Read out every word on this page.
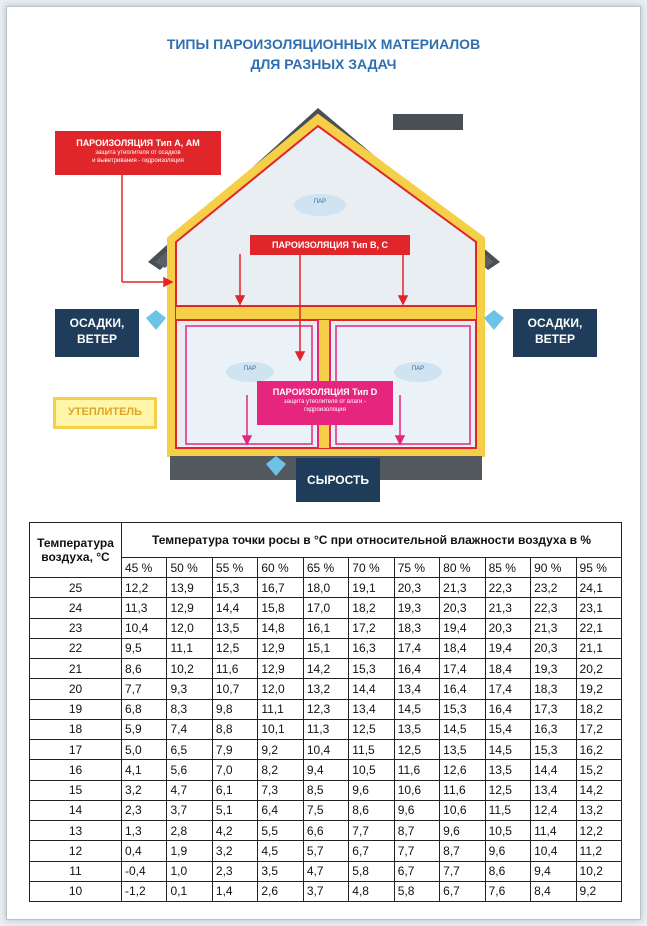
ТИПЫ ПАРОИЗОЛЯЦИОННЫХ МАТЕРИАЛОВ
ДЛЯ РАЗНЫХ ЗАДАЧ
ПАР
ПАР	ПАР
ПАРОИЗОЛЯЦИЯ Тип А, АМ
защита утеплителя от осадков
и выветривания - гидроизоляция
ПАРОИЗОЛЯЦИЯ Тип В, С
ПАРОИЗОЛЯЦИЯ Тип D
защита утеплителя от влаги -
гидроизоляция
ОСАДКИ,
ВЕТЕР
ОСАДКИ,
ВЕТЕР
УТЕПЛИТЕЛЬ
СЫРОСТЬ
Температура воздуха, °С	Температура точки росы в °С при относительной влажности воздуха в %										
	45 %	50 %	55 %	60 %	65 %	70 %	75 %	80 %	85 %	90 %	95 %
25	12,2	13,9	15,3	16,7	18,0	19,1	20,3	21,3	22,3	23,2	24,1
24	11,3	12,9	14,4	15,8	17,0	18,2	19,3	20,3	21,3	22,3	23,1
23	10,4	12,0	13,5	14,8	16,1	17,2	18,3	19,4	20,3	21,3	22,1
22	9,5	11,1	12,5	12,9	15,1	16,3	17,4	18,4	19,4	20,3	21,1
21	8,6	10,2	11,6	12,9	14,2	15,3	16,4	17,4	18,4	19,3	20,2
20	7,7	9,3	10,7	12,0	13,2	14,4	13,4	16,4	17,4	18,3	19,2
19	6,8	8,3	9,8	11,1	12,3	13,4	14,5	15,3	16,4	17,3	18,2
18	5,9	7,4	8,8	10,1	11,3	12,5	13,5	14,5	15,4	16,3	17,2
17	5,0	6,5	7,9	9,2	10,4	11,5	12,5	13,5	14,5	15,3	16,2
16	4,1	5,6	7,0	8,2	9,4	10,5	11,6	12,6	13,5	14,4	15,2
15	3,2	4,7	6,1	7,3	8,5	9,6	10,6	11,6	12,5	13,4	14,2
14	2,3	3,7	5,1	6,4	7,5	8,6	9,6	10,6	11,5	12,4	13,2
13	1,3	2,8	4,2	5,5	6,6	7,7	8,7	9,6	10,5	11,4	12,2
12	0,4	1,9	3,2	4,5	5,7	6,7	7,7	8,7	9,6	10,4	11,2
11	-0,4	1,0	2,3	3,5	4,7	5,8	6,7	7,7	8,6	9,4	10,2
10	-1,2	0,1	1,4	2,6	3,7	4,8	5,8	6,7	7,6	8,4	9,2
